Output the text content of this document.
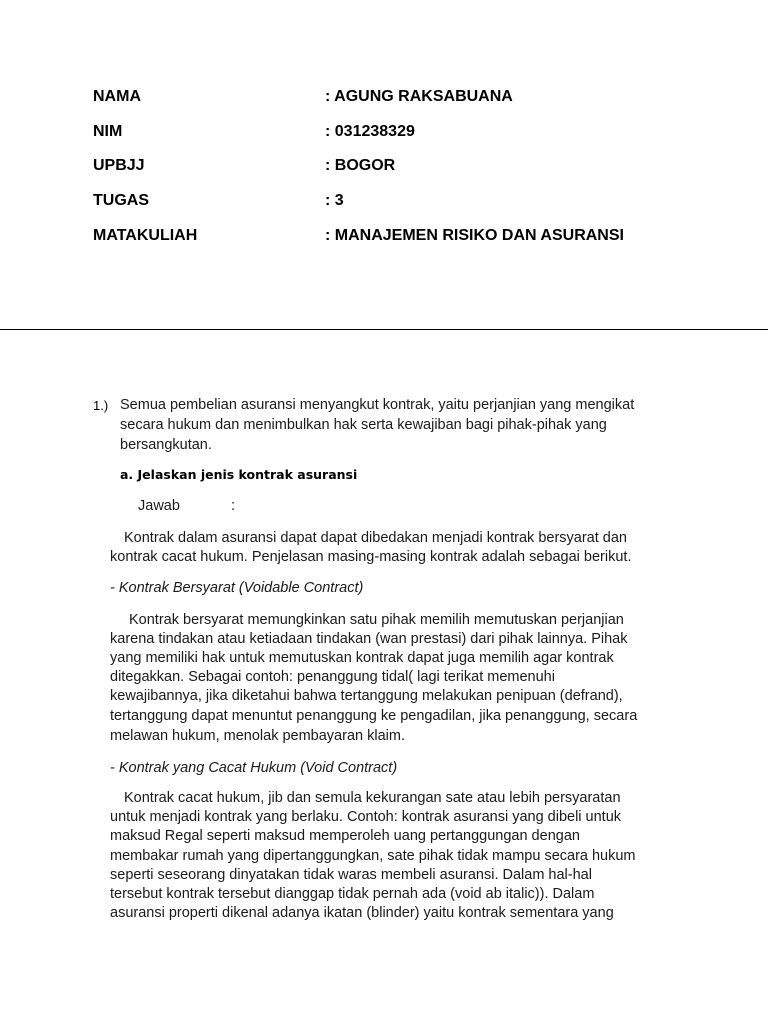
NAMA	: AGUNG RAKSABUANA
NIM	: 031238329
UPBJJ	: BOGOR
TUGAS	: 3
MATAKULIAH	: MANAJEMEN RISIKO DAN ASURANSI
1.) Semua pembelian asuransi menyangkut kontrak, yaitu perjanjian yang mengikat
secara hukum dan menimbulkan hak serta kewajiban bagi pihak-pihak yang
bersangkutan.
a. Jelaskan jenis kontrak asuransi
Jawab	:
Kontrak dalam asuransi dapat dapat dibedakan menjadi kontrak bersyarat dan
kontrak cacat hukum. Penjelasan masing-masing kontrak adalah sebagai berikut.
- Kontrak Bersyarat (Voidable Contract)
Kontrak bersyarat memungkinkan satu pihak memilih memutuskan perjanjian
karena tindakan atau ketiadaan tindakan (wan prestasi) dari pihak lainnya. Pihak
yang memiliki hak untuk memutuskan kontrak dapat juga memilih agar kontrak
ditegakkan. Sebagai contoh: penanggung tidal( lagi terikat memenuhi
kewajibannya, jika diketahui bahwa tertanggung melakukan penipuan (defrand),
tertanggung dapat menuntut penanggung ke pengadilan, jika penanggung, secara
melawan hukum, menolak pembayaran klaim.
- Kontrak yang Cacat Hukum (Void Contract)
Kontrak cacat hukum, jib dan semula kekurangan sate atau lebih persyaratan
untuk menjadi kontrak yang berlaku. Contoh: kontrak asuransi yang dibeli untuk
maksud Regal seperti maksud memperoleh uang pertanggungan dengan
membakar rumah yang dipertanggungkan, sate pihak tidak mampu secara hukum
seperti seseorang dinyatakan tidak waras membeli asuransi. Dalam hal-hal
tersebut kontrak tersebut dianggap tidak pernah ada (void ab italic)). Dalam
asuransi properti dikenal adanya ikatan (blinder) yaitu kontrak sementara yang
